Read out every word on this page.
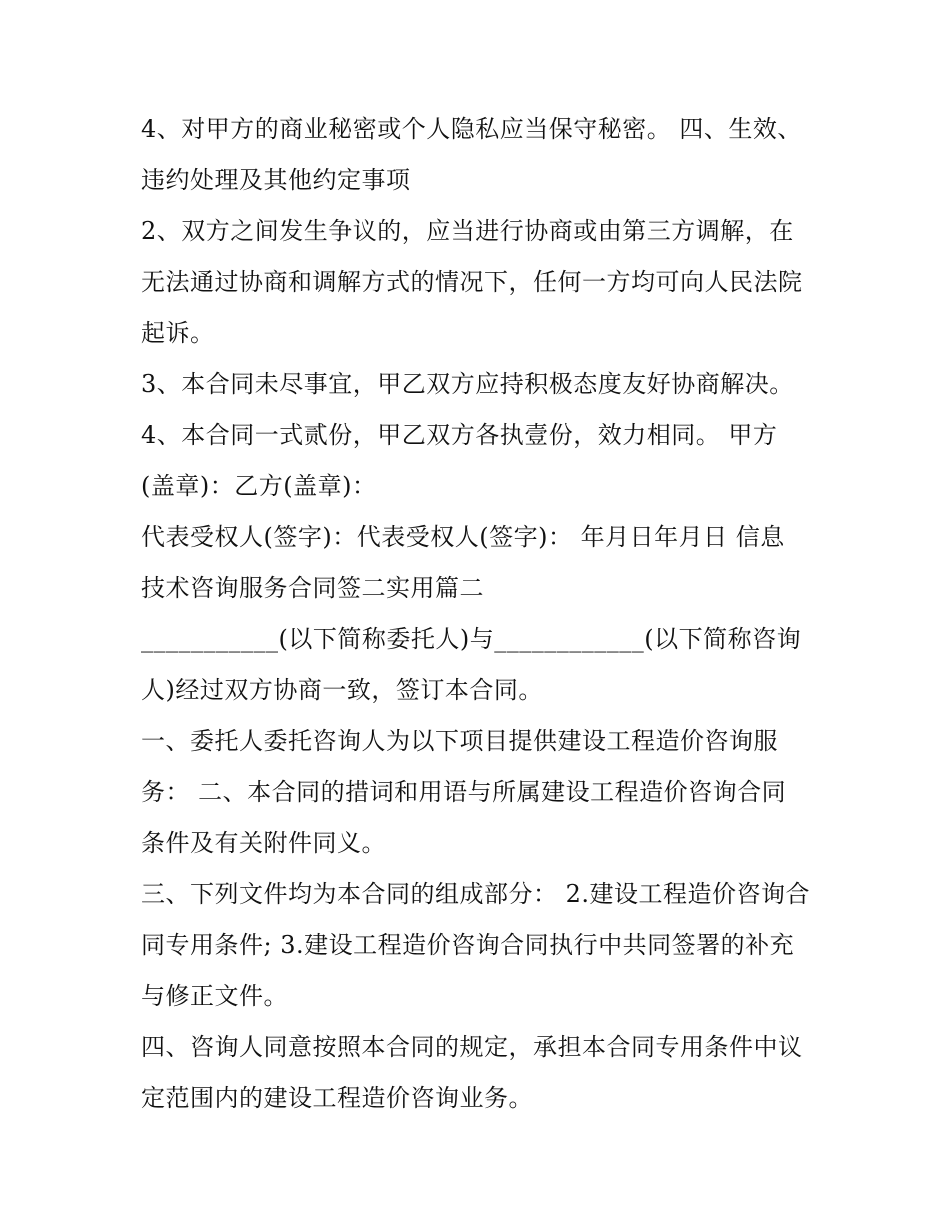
4、对甲方的商业秘密或个人隐私应当保守秘密。 四、生效、
违约处理及其他约定事项
2、双方之间发生争议的，应当进行协商或由第三方调解，在
无法通过协商和调解方式的情况下，任何一方均可向人民法院
起诉。
3、本合同未尽事宜，甲乙双方应持积极态度友好协商解决。
4、本合同一式贰份，甲乙双方各执壹份，效力相同。 甲方
(盖章)：乙方(盖章)：
代表受权人(签字)：代表受权人(签字)： 年月日年月日 信息
技术咨询服务合同签二实用篇二
___________(以下简称委托人)与____________(以下简称咨询
人)经过双方协商一致，签订本合同。
一、委托人委托咨询人为以下项目提供建设工程造价咨询服
务： 二、本合同的措词和用语与所属建设工程造价咨询合同
条件及有关附件同义。
三、下列文件均为本合同的组成部分： 2.建设工程造价咨询合
同专用条件; 3.建设工程造价咨询合同执行中共同签署的补充
与修正文件。
四、咨询人同意按照本合同的规定，承担本合同专用条件中议
定范围内的建设工程造价咨询业务。
